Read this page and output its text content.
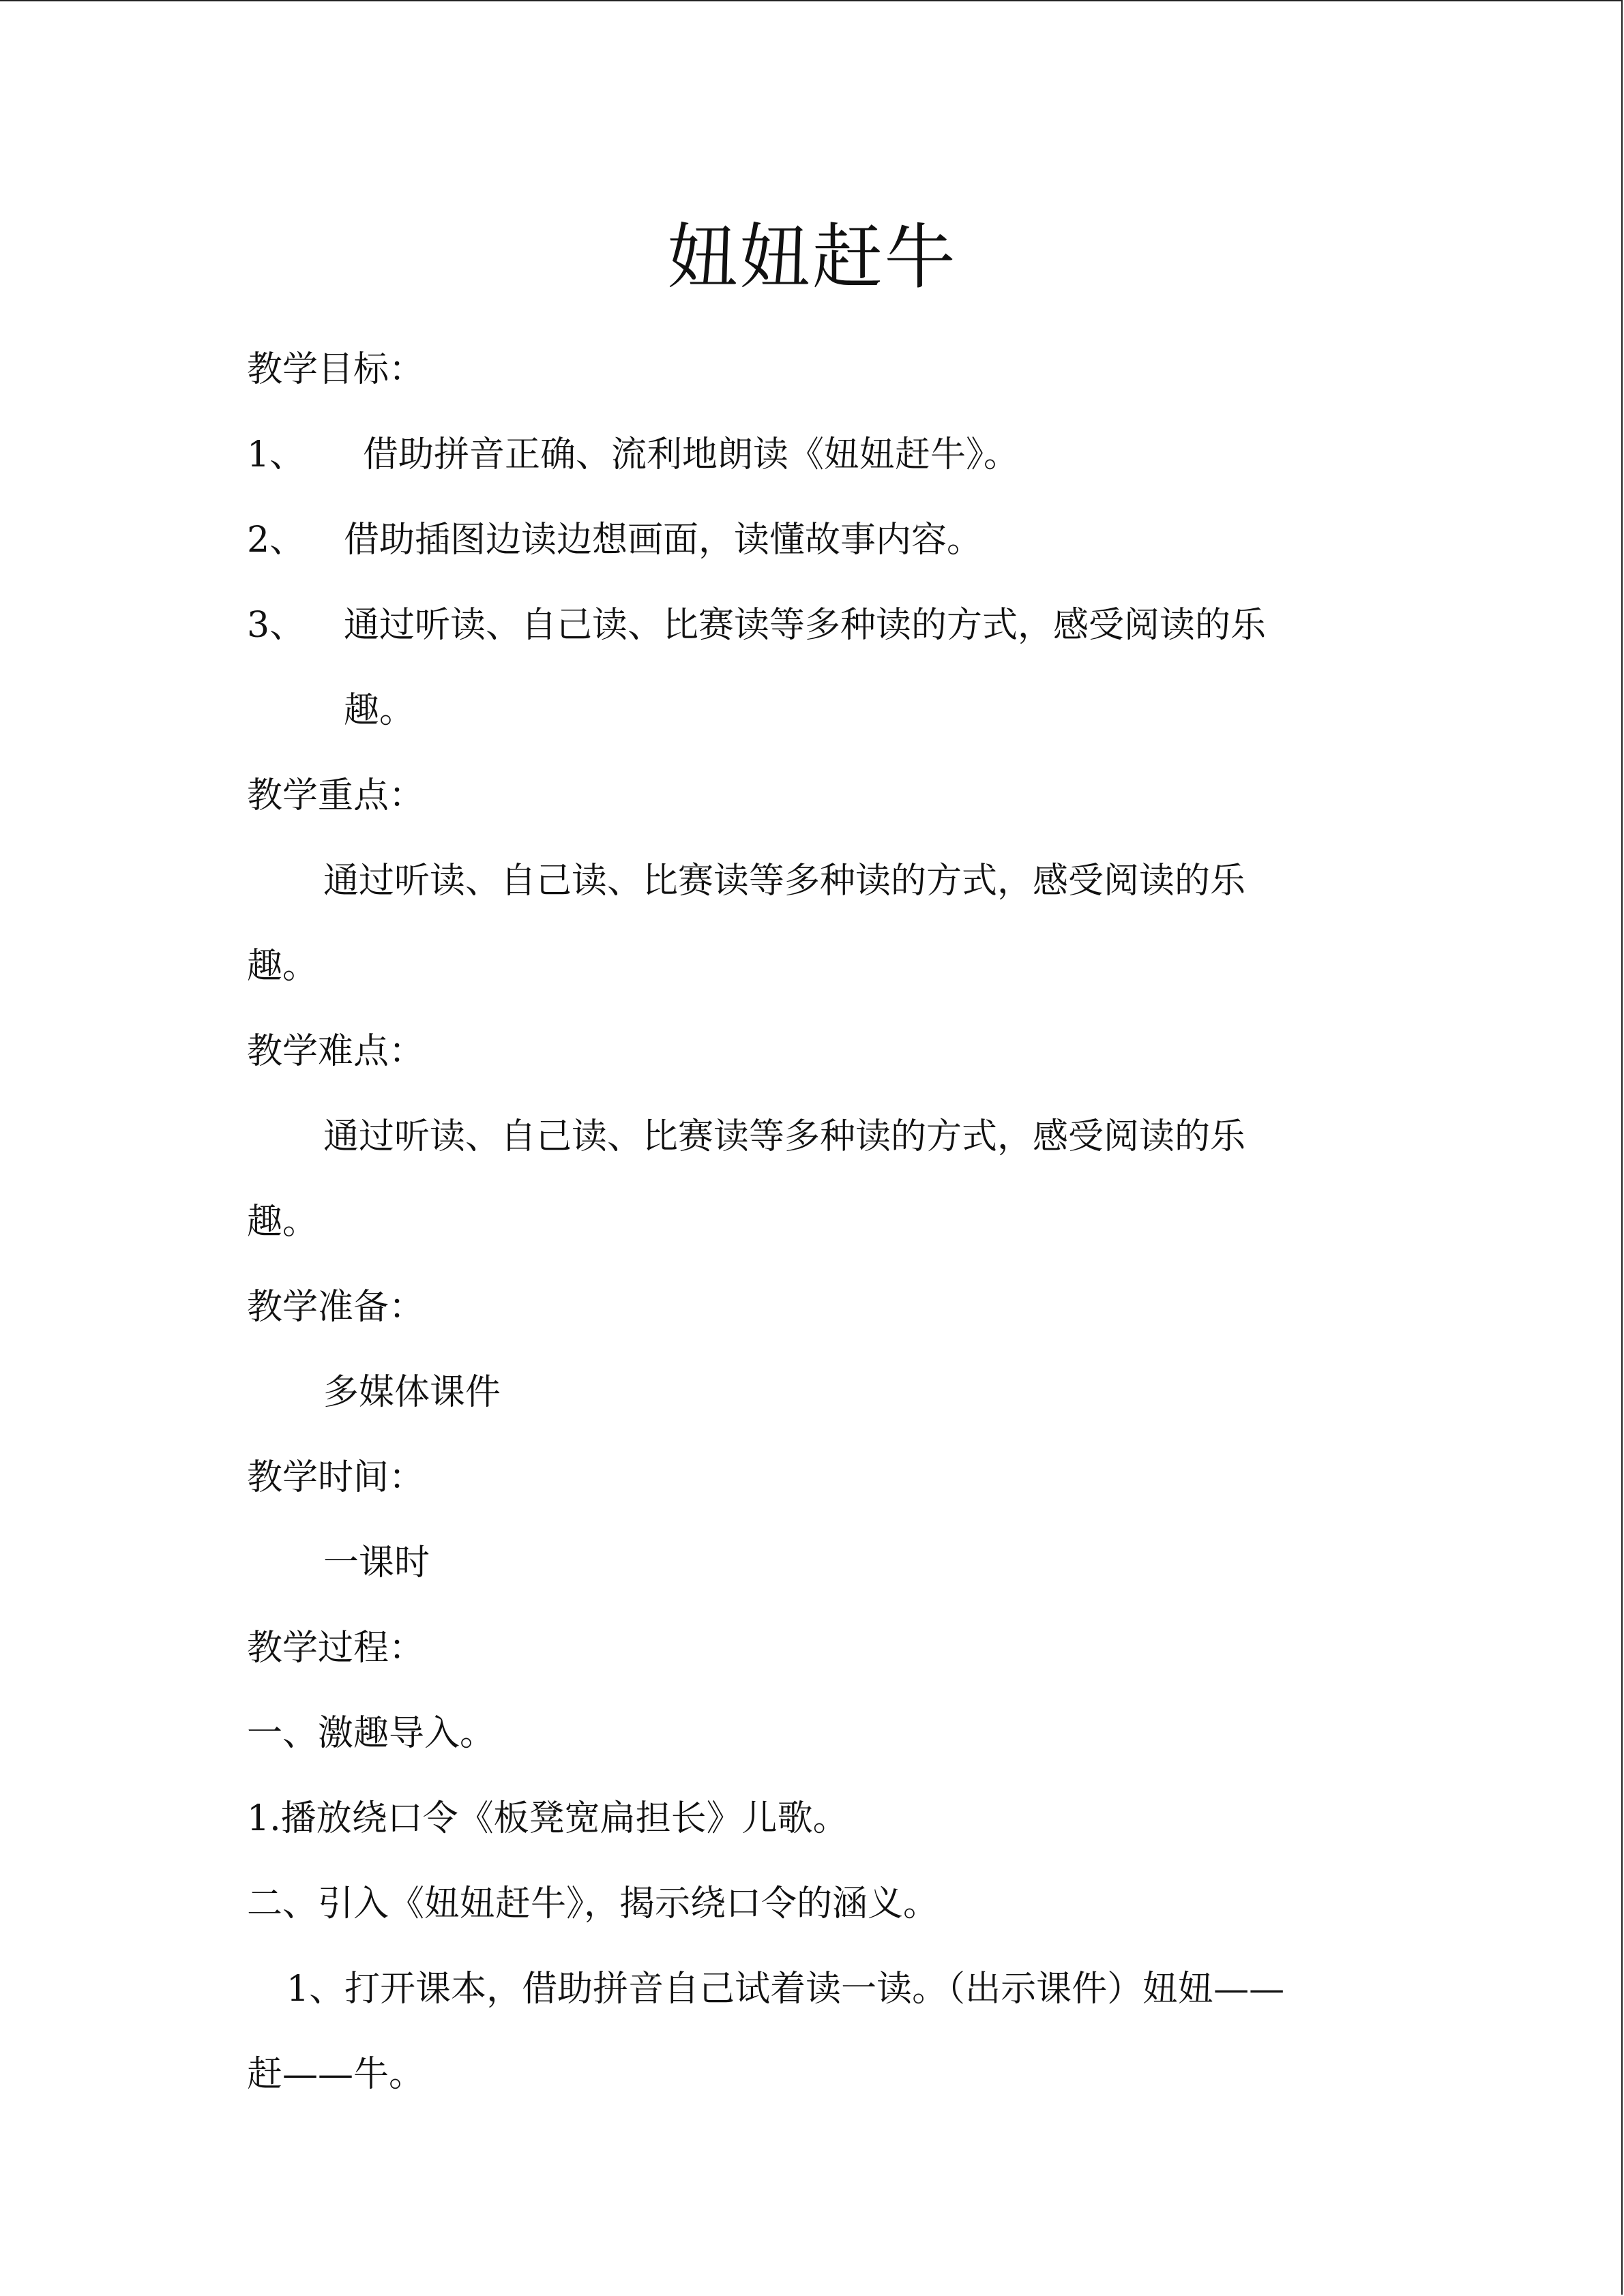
妞妞赶牛
教学目标：
1、 借助拼音正确、流利地朗读《妞妞赶牛》。
2、 借助插图边读边想画面，读懂故事内容。
3、 通过听读、自己读、比赛读等多种读的方式，感受阅读的乐
趣。
教学重点：
通过听读、自己读、比赛读等多种读的方式，感受阅读的乐
趣。
教学难点：
通过听读、自己读、比赛读等多种读的方式，感受阅读的乐
趣。
教学准备：
多媒体课件
教学时间：
一课时
教学过程：
一、激趣导入。
1.播放绕口令《板凳宽扁担长》儿歌。
二、引入《妞妞赶牛》，揭示绕口令的涵义。
1、打开课本，借助拼音自己试着读一读。（出示课件）妞妞——
赶——牛。
